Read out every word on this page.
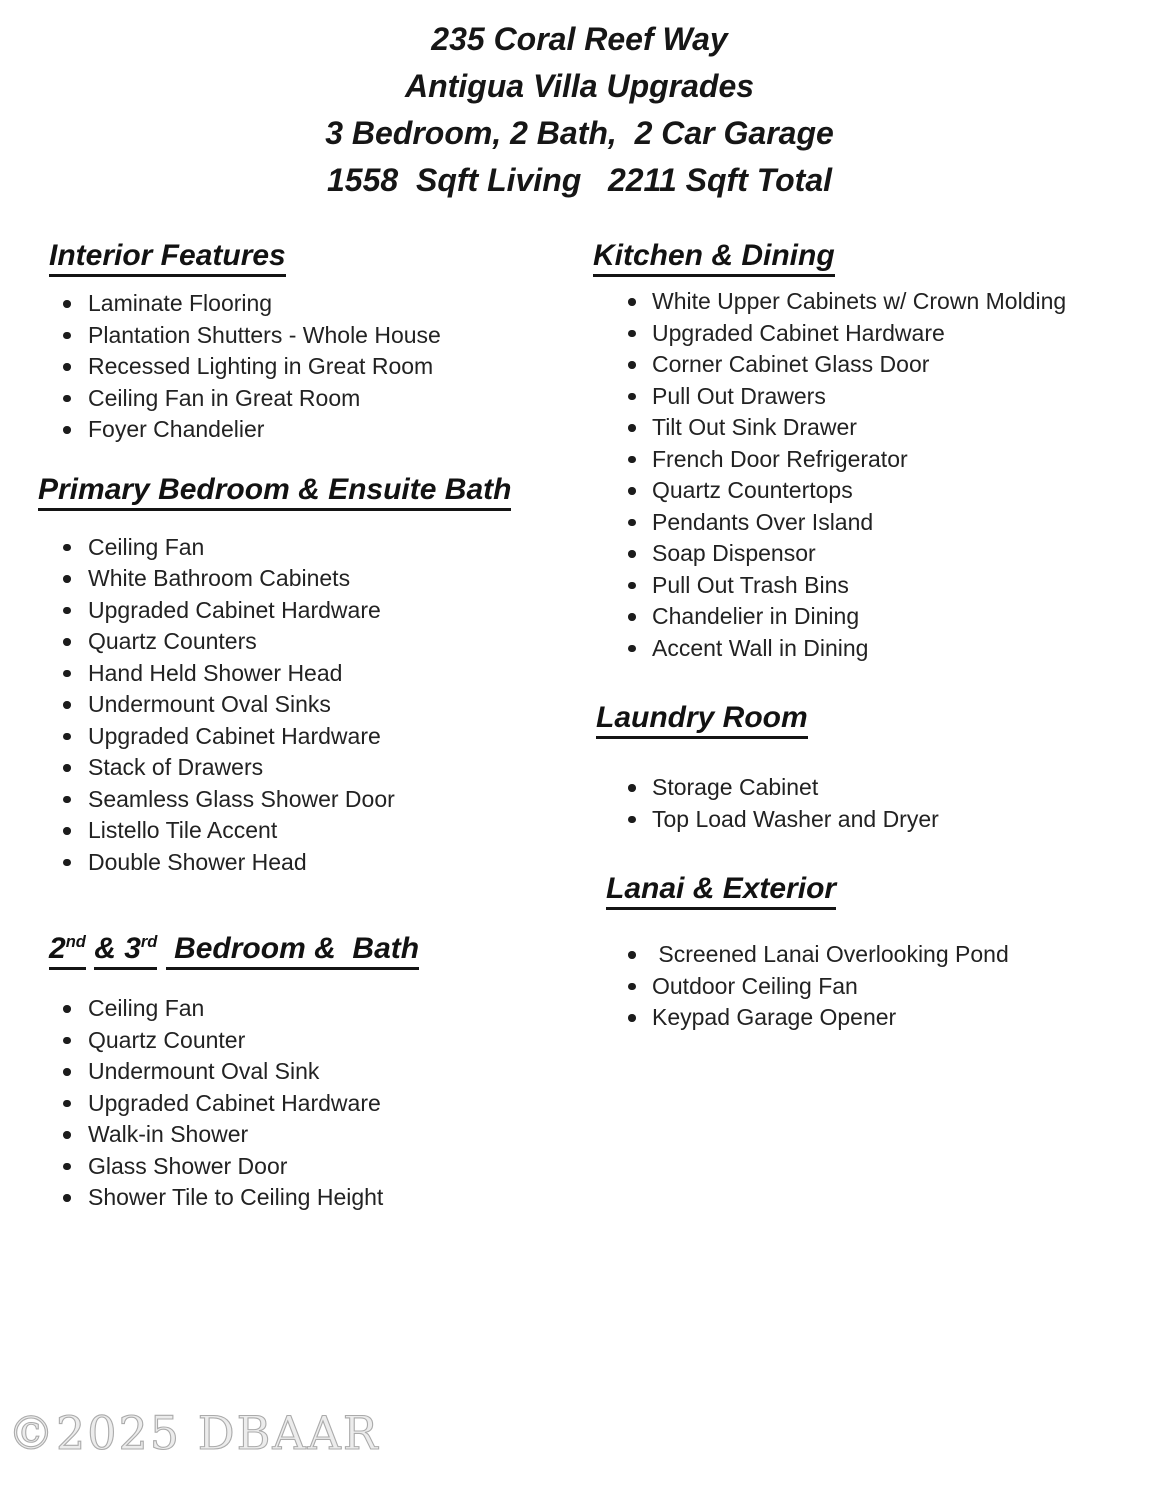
235 Coral Reef Way
Antigua Villa Upgrades
3 Bedroom, 2 Bath,  2 Car Garage
1558  Sqft Living   2211 Sqft Total
Interior Features
Laminate Flooring
Plantation Shutters - Whole House
Recessed Lighting in Great Room
Ceiling Fan in Great Room
Foyer Chandelier
Primary Bedroom & Ensuite Bath
Ceiling Fan
White Bathroom Cabinets
Upgraded Cabinet Hardware
Quartz Counters
Hand Held Shower Head
Undermount Oval Sinks
Upgraded Cabinet Hardware
Stack of Drawers
Seamless Glass Shower Door
Listello Tile Accent
Double Shower Head
2nd & 3rd  Bedroom &  Bath
Ceiling Fan
Quartz Counter
Undermount Oval Sink
Upgraded Cabinet Hardware
Walk-in Shower
Glass Shower Door
Shower Tile to Ceiling Height
Kitchen & Dining
White Upper Cabinets w/ Crown Molding
Upgraded Cabinet Hardware
Corner Cabinet Glass Door
Pull Out Drawers
Tilt Out Sink Drawer
French Door Refrigerator
Quartz Countertops
Pendants Over Island
Soap Dispensor
Pull Out Trash Bins
Chandelier in Dining
Accent Wall in Dining
Laundry Room
Storage Cabinet
Top Load Washer and Dryer
Lanai & Exterior
Screened Lanai Overlooking Pond
Outdoor Ceiling Fan
Keypad Garage Opener
©2025 DBAAR
